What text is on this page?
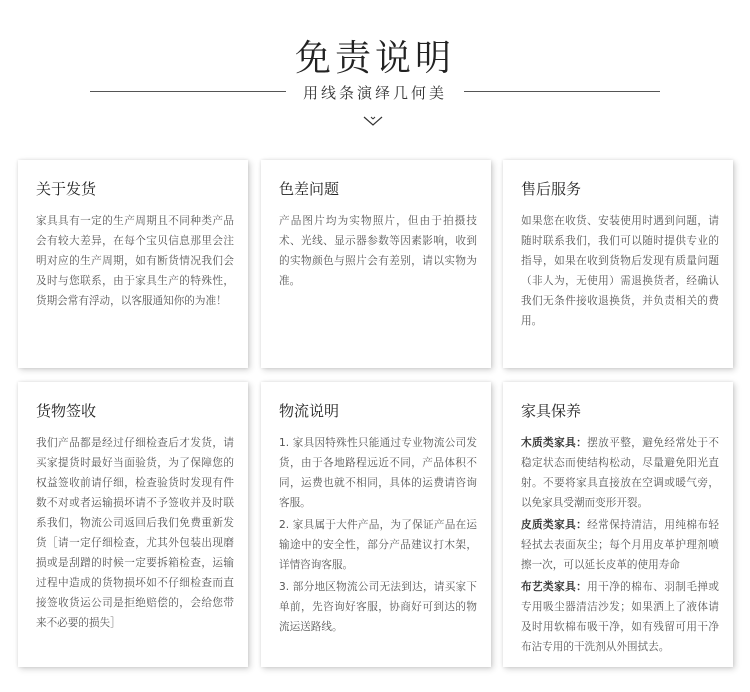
免责说明
用线条演绎几何美
关于发货

家具具有一定的生产周期且不同种类产品会有较大差异，在每个宝贝信息那里会注明对应的生产周期，如有断货情况我们会及时与您联系，由于家具生产的特殊性，货期会常有浮动，以客服通知你的为准！

色差问题

产品图片均为实物照片，但由于拍摄技术、光线、显示器参数等因素影响，收到的实物颜色与照片会有差别，请以实物为准。

售后服务

如果您在收货、安装使用时遇到问题，请随时联系我们，我们可以随时提供专业的指导，如果在收到货物后发现有质量问题（非人为，无使用）需退换货者，经确认我们无条件接收退换货，并负责相关的费用。

货物签收

我们产品都是经过仔细检查后才发货，请买家提货时最好当面验货，为了保障您的权益签收前请仔细，检查验货时发现有件数不对或者运输损坏请不予签收并及时联系我们，物流公司返回后我们免费重新发货［请一定仔细检查，尤其外包装出现磨损或是刮蹭的时候一定要拆箱检查，运输过程中造成的货物损坏如不仔细检查而直接签收货运公司是拒绝赔偿的，会给您带来不必要的损失］

物流说明

1. 家具因特殊性只能通过专业物流公司发货，由于各地路程远近不同，产品体积不同，运费也就不相同，具体的运费请咨询客服。

2. 家具属于大件产品，为了保证产品在运输途中的安全性，部分产品建议打木架，详情咨询客服。

3. 部分地区物流公司无法到达，请买家下单前，先咨询好客服，协商好可到达的物流运送路线。

家具保养

木质类家具：摆放平整，避免经常处于不稳定状态而使结构松动，尽量避免阳光直射。不要将家具直接放在空调或暖气旁，以免家具受潮而变形开裂。

皮质类家具：经常保持清洁，用纯棉布轻轻拭去表面灰尘；每个月用皮革护理剂喷擦一次，可以延长皮革的使用寿命

布艺类家具：用干净的棉布、羽制毛掸或专用吸尘器清洁沙发；如果洒上了液体请及时用软棉布吸干净，如有残留可用干净布沾专用的干洗剂从外围拭去。
